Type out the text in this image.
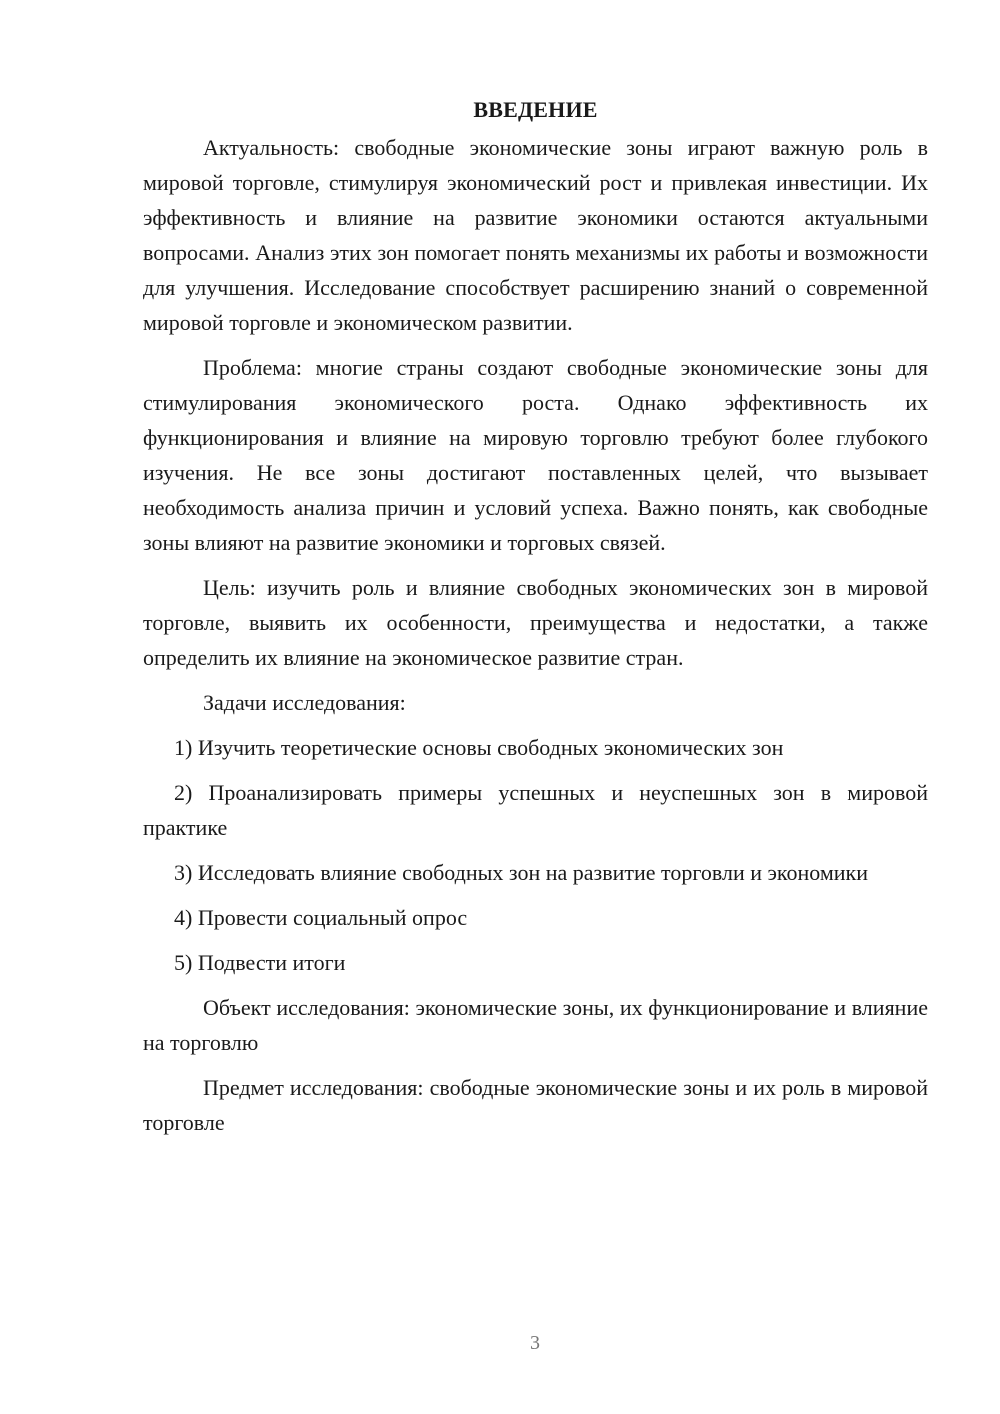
ВВЕДЕНИЕ

Актуальность: свободные экономические зоны играют важную роль в мировой торговле, стимулируя экономический рост и привлекая инвестиции. Их эффективность и влияние на развитие экономики остаются актуальными вопросами. Анализ этих зон помогает понять механизмы их работы и возможности для улучшения. Исследование способствует расширению знаний о современной мировой торговле и экономическом развитии.

Проблема: многие страны создают свободные экономические зоны для стимулирования экономического роста. Однако эффективность их функционирования и влияние на мировую торговлю требуют более глубокого изучения. Не все зоны достигают поставленных целей, что вызывает необходимость анализа причин и условий успеха. Важно понять, как свободные зоны влияют на развитие экономики и торговых связей.

Цель: изучить роль и влияние свободных экономических зон в мировой торговле, выявить их особенности, преимущества и недостатки, а также определить их влияние на экономическое развитие стран.

Задачи исследования:

1) Изучить теоретические основы свободных экономических зон

2) Проанализировать примеры успешных и неуспешных зон в мировой практике

3) Исследовать влияние свободных зон на развитие торговли и экономики

4) Провести социальный опрос

5) Подвести итоги

Объект исследования: экономические зоны, их функционирование и влияние на торговлю

Предмет исследования: свободные экономические зоны и их роль в мировой торговле

3
